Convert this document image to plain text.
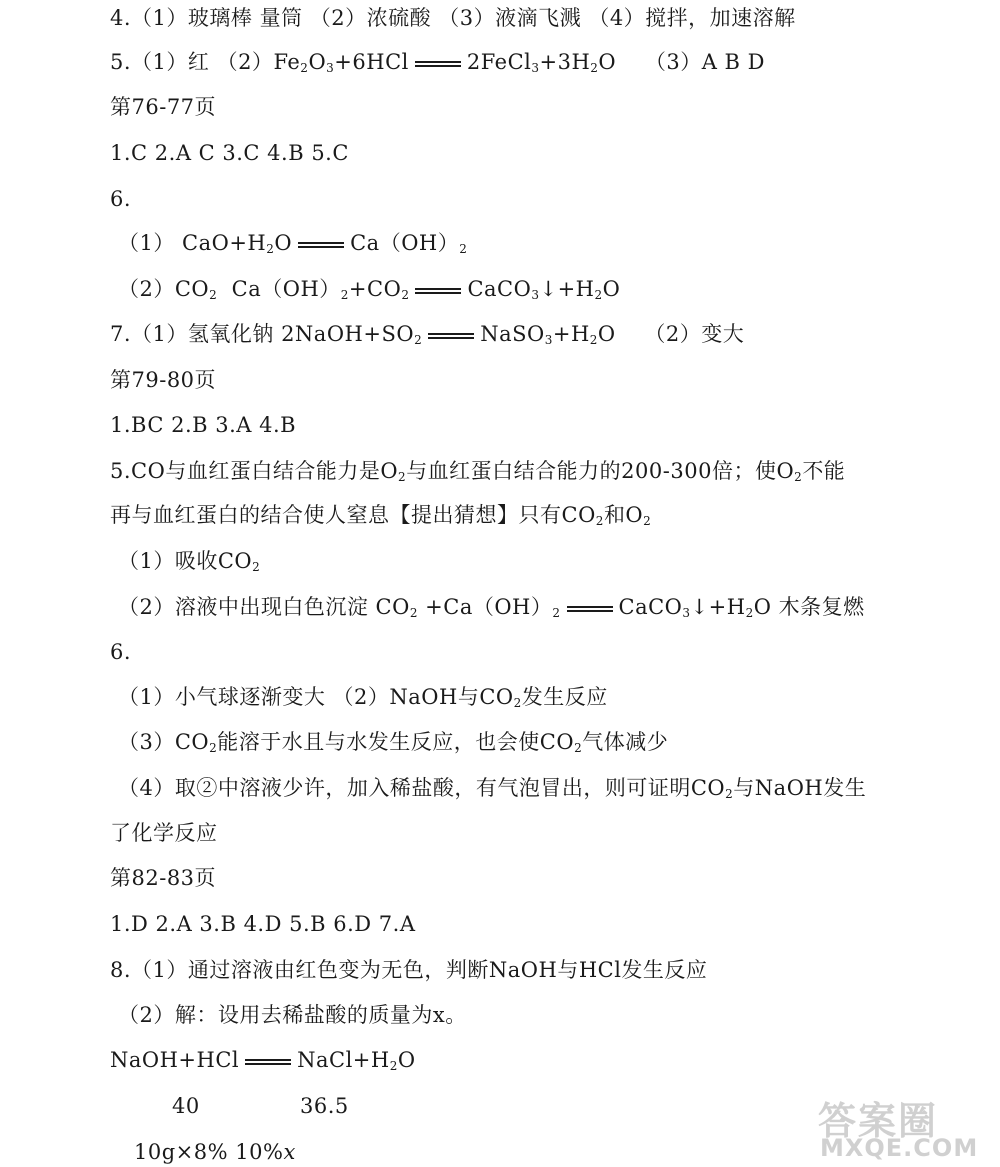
4.（1）玻璃棒 量筒 （2）浓硫酸 （3）液滴飞溅 （4）搅拌，加速溶解
5.（1）红 $(2)Fe_2O_3+6HCl$	$2FeCl_3+3H_2O$ （3）A B D
第76-77页
1.C 2.A C 3.C 4.B 5.C
6.
（1） $CaO+H_2O$	$Ca(OH)_2$
$(2)CO_2$  $Ca(OH)_2+CO_2$	$CaCO_3↓+H_2O$
7.（1）氢氧化钠 $2NaOH+SO_2$	$NaSO_3+H_2O$ （2）变大
第79-80页
1.BC 2.B 3.A 4.B
5.CO与血红蛋白结合能力是$O_2$与血红蛋白结合能力的200-300倍；使$O_2$不能
再与血红蛋白的结合使人窒息【提出猜想】只有$CO_2$和$O_2$
（1）吸收$CO_2$
（2）溶液中出现白色沉淀 $CO_2 +Ca(OH)_2$	$CaCO_3↓+H_2O$ 木条复燃
6.
（1）小气球逐渐变大 （2）NaOH与$CO_2$发生反应
$(3)CO_2$能溶于水且与水发生反应，也会使$CO_2$气体减少
（4）取②中溶液少许，加入稀盐酸，有气泡冒出，则可证明$CO_2$与NaOH发生
了化学反应
第82-83页
1.D 2.A 3.B 4.D 5.B 6.D 7.A
8.（1）通过溶液由红色变为无色，判断NaOH与HCl发生反应
（2）解：设用去稀盐酸的质量为x。
NaOH+HCl	$NaCl+H_2O$
40	36.5
10g×8% 10%x
答案圈
MXQE.COM
